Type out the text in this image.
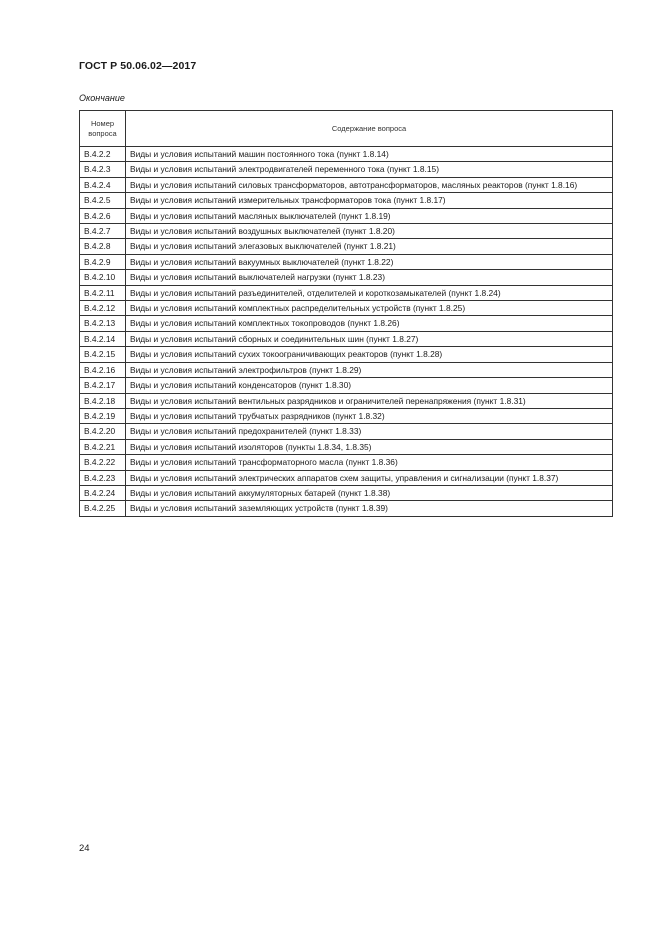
ГОСТ Р 50.06.02—2017
Окончание
Номер
вопроса	Содержание вопроса
В.4.2.2	Виды и условия испытаний машин постоянного тока (пункт 1.8.14)
В.4.2.3	Виды и условия испытаний электродвигателей переменного тока (пункт 1.8.15)
В.4.2.4	Виды и условия испытаний силовых трансформаторов, автотрансформаторов, масляных реакторов (пункт 1.8.16)
В.4.2.5	Виды и условия испытаний измерительных трансформаторов тока (пункт 1.8.17)
В.4.2.6	Виды и условия испытаний масляных выключателей (пункт 1.8.19)
В.4.2.7	Виды и условия испытаний воздушных выключателей (пункт 1.8.20)
В.4.2.8	Виды и условия испытаний элегазовых выключателей (пункт 1.8.21)
В.4.2.9	Виды и условия испытаний вакуумных выключателей (пункт 1.8.22)
В.4.2.10	Виды и условия испытаний выключателей нагрузки (пункт 1.8.23)
В.4.2.11	Виды и условия испытаний разъединителей, отделителей и короткозамыкателей (пункт 1.8.24)
В.4.2.12	Виды и условия испытаний комплектных распределительных устройств (пункт 1.8.25)
В.4.2.13	Виды и условия испытаний комплектных токопроводов (пункт 1.8.26)
В.4.2.14	Виды и условия испытаний сборных и соединительных шин (пункт 1.8.27)
В.4.2.15	Виды и условия испытаний сухих токоограничивающих реакторов (пункт 1.8.28)
В.4.2.16	Виды и условия испытаний электрофильтров (пункт 1.8.29)
В.4.2.17	Виды и условия испытаний конденсаторов (пункт 1.8.30)
В.4.2.18	Виды и условия испытаний вентильных разрядников и ограничителей перенапряжения (пункт 1.8.31)
В.4.2.19	Виды и условия испытаний трубчатых разрядников (пункт 1.8.32)
В.4.2.20	Виды и условия испытаний предохранителей (пункт 1.8.33)
В.4.2.21	Виды и условия испытаний изоляторов (пункты 1.8.34, 1.8.35)
В.4.2.22	Виды и условия испытаний трансформаторного масла (пункт 1.8.36)
В.4.2.23	Виды и условия испытаний электрических аппаратов схем защиты, управления и сигнализации (пункт 1.8.37)
В.4.2.24	Виды и условия испытаний аккумуляторных батарей (пункт 1.8.38)
В.4.2.25	Виды и условия испытаний заземляющих устройств (пункт 1.8.39)
24
